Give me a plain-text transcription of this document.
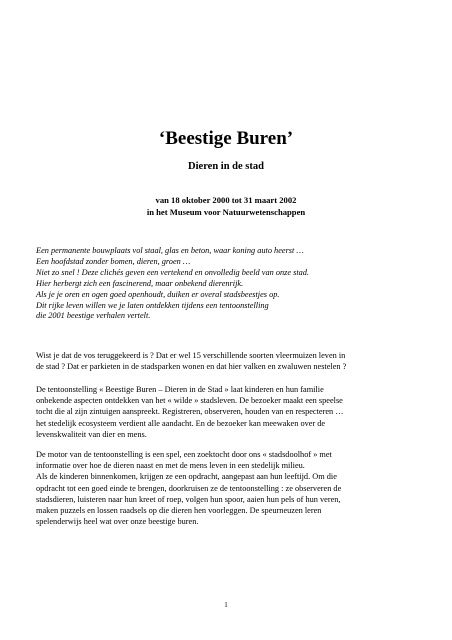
‘Beestige Buren’
Dieren in de stad
van 18 oktober 2000 tot 31 maart 2002
in het Museum voor Natuurwetenschappen
Een permanente bouwplaats vol staal, glas en beton, waar koning auto heerst …
Een hoofdstad zonder bomen, dieren, groen …
Niet zo snel ! Deze clichés geven een vertekend en onvolledig beeld van onze stad.
Hier herbergt zich een fascinerend, maar onbekend dierenrijk.
Als je je oren en ogen goed openhoudt, duiken er overal stadsbeestjes op.
Dit rijke leven willen we je laten ontdekken tijdens een tentoonstelling
die 2001 beestige verhalen vertelt.
Wist je dat de vos teruggekeerd is ? Dat er wel 15 verschillende soorten vleermuizen leven in
de stad ? Dat er parkieten in de stadsparken wonen en dat hier valken en zwaluwen nestelen ?
De tentoonstelling « Beestige Buren – Dieren in de Stad » laat kinderen en hun familie
onbekende aspecten ontdekken van het « wilde » stadsleven. De bezoeker maakt een speelse
tocht die al zijn zintuigen aanspreekt. Registreren, observeren, houden van en respecteren …
het stedelijk ecosysteem verdient alle aandacht. En de bezoeker kan meewaken over de
levenskwaliteit van dier en mens.
De motor van de tentoonstelling is een spel, een zoektocht door ons « stadsdoolhof » met
informatie over hoe de dieren naast en met de mens leven in een stedelijk milieu.
Als de kinderen binnenkomen, krijgen ze een opdracht, aangepast aan hun leeftijd. Om die
opdracht tot een goed einde te brengen, doorkruisen ze de tentoonstelling : ze observeren de
stadsdieren, luisteren naar hun kreet of roep, volgen hun spoor, aaien hun pels of hun veren,
maken puzzels en lossen raadsels op die dieren hen voorleggen. De speurneuzen leren
spelenderwijs heel wat over onze beestige buren.
1
